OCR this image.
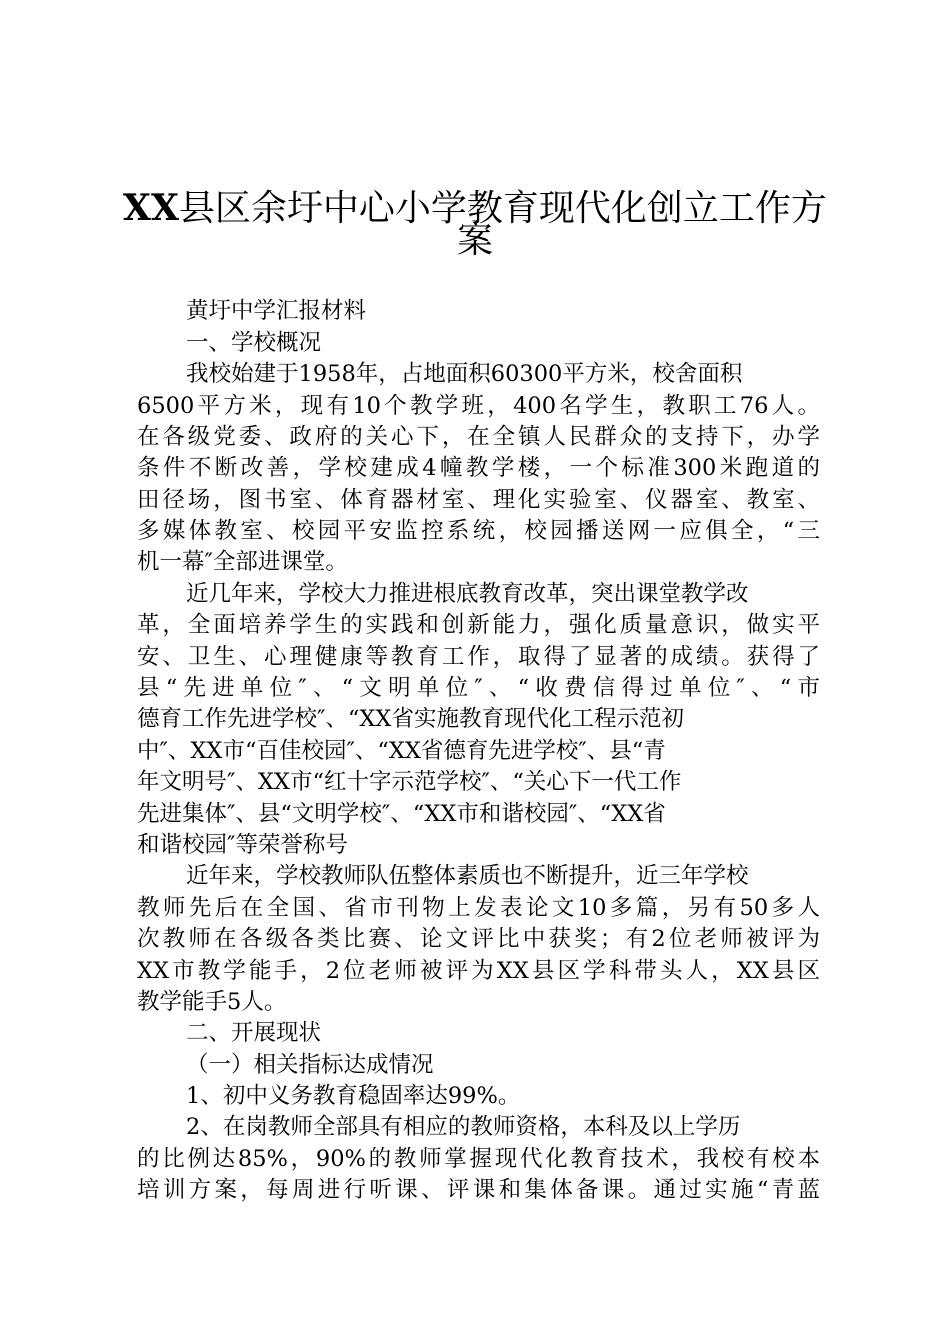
XX县区余圩中心小学教育现代化创立工作方
案
黄圩中学汇报材料
一、学校概况
我校始建于1958年，占地面积60300平方米，校舍面积
6500平方米，现有10个教学班，400名学生，教职工76人。
在各级党委、政府的关心下，在全镇人民群众的支持下，办学
条件不断改善，学校建成4幢教学楼，一个标准300米跑道的
田径场，图书室、体育器材室、理化实验室、仪器室、教室、
多媒体教室、校园平安监控系统，校园播送网一应俱全，“三
机一幕″全部进课堂。
近几年来，学校大力推进根底教育改革，突出课堂教学改
革，全面培养学生的实践和创新能力，强化质量意识，做实平
安、卫生、心理健康等教育工作，取得了显著的成绩。获得了
县“先进单位″、“文明单位″、“收费信得过单位″、“市
德育工作先进学校″、“XX省实施教育现代化工程示范初
中″、XX市“百佳校园″、“XX省德育先进学校″、县“青
年文明号″、XX市“红十字示范学校″、“关心下一代工作
先进集体″、县“文明学校″、“XX市和谐校园″、“XX省
和谐校园″等荣誉称号
近年来，学校教师队伍整体素质也不断提升，近三年学校
教师先后在全国、省市刊物上发表论文10多篇，另有50多人
次教师在各级各类比赛、论文评比中获奖；有2位老师被评为
XX市教学能手，2位老师被评为XX县区学科带头人，XX县区
教学能手5人。
二、开展现状
（一）相关指标达成情况
1、初中义务教育稳固率达99%。
2、在岗教师全部具有相应的教师资格，本科及以上学历
的比例达85%，90%的教师掌握现代化教育技术，我校有校本
培训方案，每周进行听课、评课和集体备课。通过实施“青蓝
